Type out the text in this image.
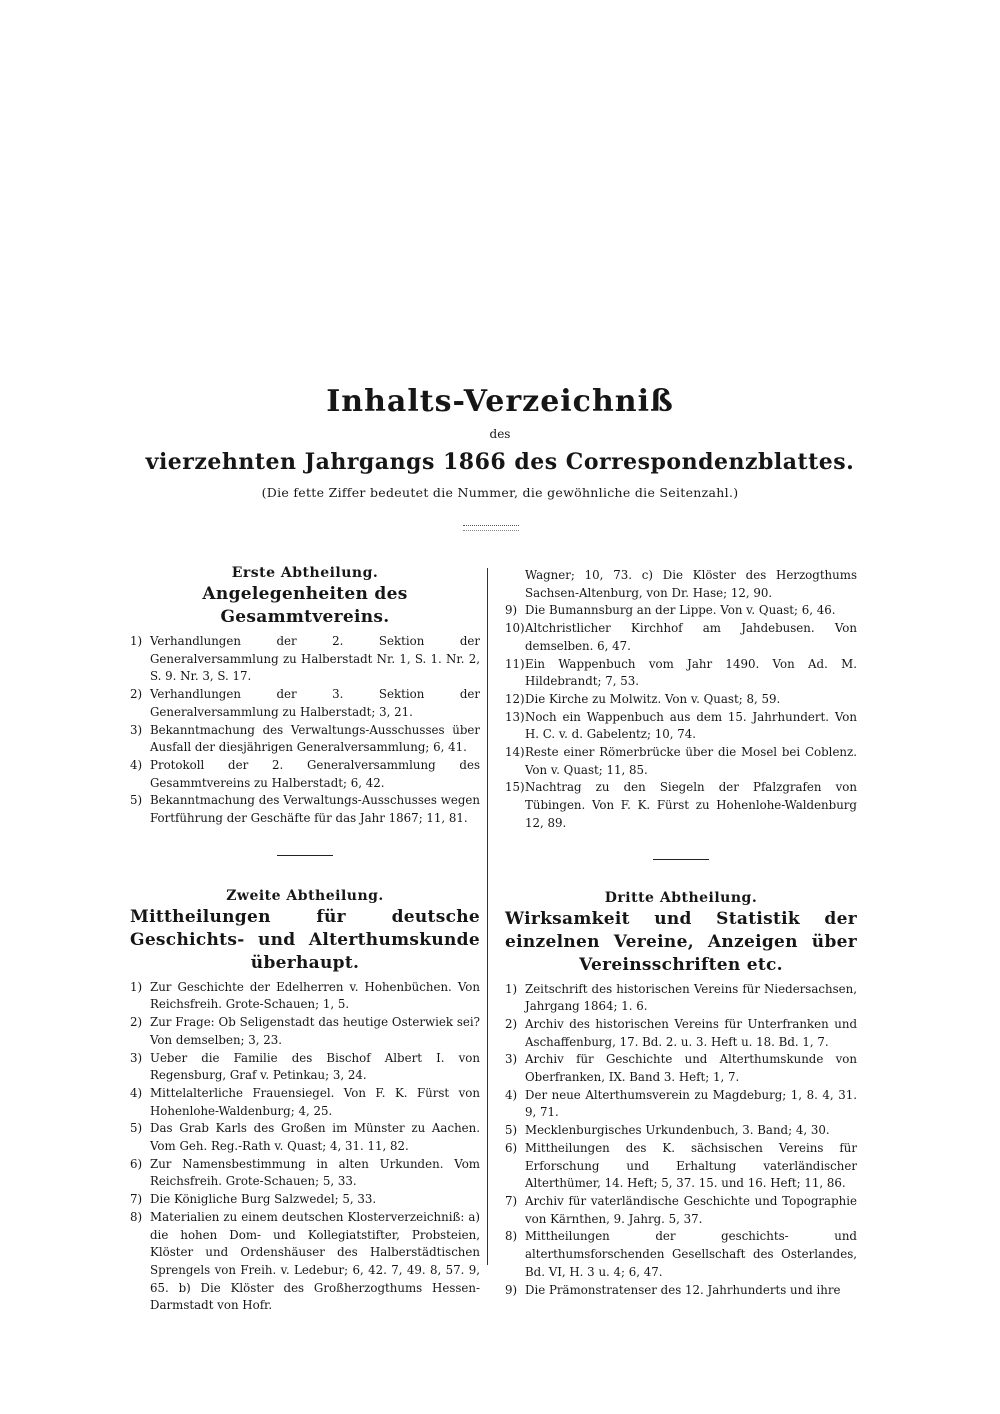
Inhalts-Verzeichniß
des
vierzehnten Jahrgangs 1866 des Correspondenzblattes.
(Die fette Ziffer bedeutet die Nummer, die gewöhnliche die Seitenzahl.)
Erste Abtheilung.
Angelegenheiten des Gesammtvereins.
1) Verhandlungen der 2. Sektion der Generalversammlung zu Halberstadt Nr. 1, S. 1. Nr. 2, S. 9. Nr. 3, S. 17.
2) Verhandlungen der 3. Sektion der Generalversammlung zu Halberstadt; 3, 21.
3) Bekanntmachung des Verwaltungs-Ausschusses über Ausfall der diesjährigen Generalversammlung; 6, 41.
4) Protokoll der 2. Generalversammlung des Gesammtvereins zu Halberstadt; 6, 42.
5) Bekanntmachung des Verwaltungs-Ausschusses wegen Fortführung der Geschäfte für das Jahr 1867; 11, 81.
Zweite Abtheilung.
Mittheilungen für deutsche Geschichts- und Alterthumskunde überhaupt.
1) Zur Geschichte der Edelherren v. Hohenbüchen. Von Reichsfreih. Grote-Schauen; 1, 5.
2) Zur Frage: Ob Seligenstadt das heutige Osterwiek sei? Von demselben; 3, 23.
3) Ueber die Familie des Bischof Albert I. von Regensburg, Graf v. Petinkau; 3, 24.
4) Mittelalterliche Frauensiegel. Von F. K. Fürst von Hohenlohe-Waldenburg; 4, 25.
5) Das Grab Karls des Großen im Münster zu Aachen. Vom Geh. Reg.-Rath v. Quast; 4, 31. 11, 82.
6) Zur Namensbestimmung in alten Urkunden. Vom Reichsfreih. Grote-Schauen; 5, 33.
7) Die Königliche Burg Salzwedel; 5, 33.
8) Materialien zu einem deutschen Klosterverzeichniß: a) die hohen Dom- und Kollegiatstifter, Probsteien, Klöster und Ordenshäuser des Halberstädtischen Sprengels von Freih. v. Ledebur; 6, 42. 7, 49. 8, 57. 9, 65. b) Die Klöster des Großherzogthums Hessen-Darmstadt von Hofr.
Wagner; 10, 73. c) Die Klöster des Herzogthums Sachsen-Altenburg, von Dr. Hase; 12, 90.
9) Die Bumannsburg an der Lippe. Von v. Quast; 6, 46.
10) Altchristlicher Kirchhof am Jahdebusen. Von demselben. 6, 47.
11) Ein Wappenbuch vom Jahr 1490. Von Ad. M. Hildebrandt; 7, 53.
12) Die Kirche zu Molwitz. Von v. Quast; 8, 59.
13) Noch ein Wappenbuch aus dem 15. Jahrhundert. Von H. C. v. d. Gabelentz; 10, 74.
14) Reste einer Römerbrücke über die Mosel bei Coblenz. Von v. Quast; 11, 85.
15) Nachtrag zu den Siegeln der Pfalzgrafen von Tübingen. Von F. K. Fürst zu Hohenlohe-Waldenburg 12, 89.
Dritte Abtheilung.
Wirksamkeit und Statistik der einzelnen Vereine, Anzeigen über Vereinsschriften etc.
1) Zeitschrift des historischen Vereins für Niedersachsen, Jahrgang 1864; 1. 6.
2) Archiv des historischen Vereins für Unterfranken und Aschaffenburg, 17. Bd. 2. u. 3. Heft u. 18. Bd. 1, 7.
3) Archiv für Geschichte und Alterthumskunde von Oberfranken, IX. Band 3. Heft; 1, 7.
4) Der neue Alterthumsverein zu Magdeburg; 1, 8. 4, 31. 9, 71.
5) Mecklenburgisches Urkundenbuch, 3. Band; 4, 30.
6) Mittheilungen des K. sächsischen Vereins für Erforschung und Erhaltung vaterländischer Alterthümer, 14. Heft; 5, 37. 15. und 16. Heft; 11, 86.
7) Archiv für vaterländische Geschichte und Topographie von Kärnthen, 9. Jahrg. 5, 37.
8) Mittheilungen der geschichts- und alterthumsforschenden Gesellschaft des Osterlandes, Bd. VI, H. 3 u. 4; 6, 47.
9) Die Prämonstratenser des 12. Jahrhunderts und ihre
